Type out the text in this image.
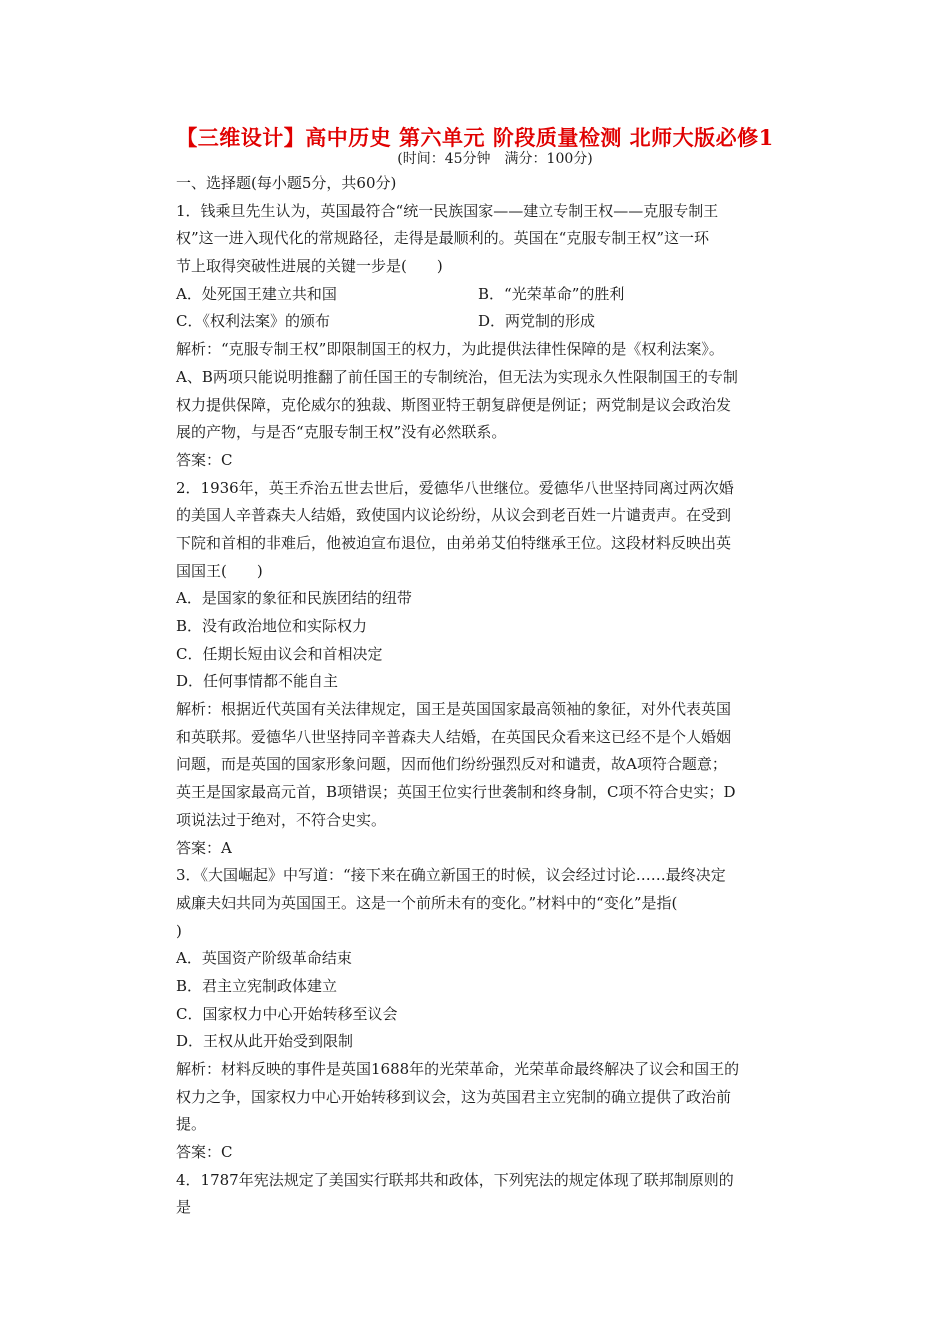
【三维设计】高中历史 第六单元 阶段质量检测 北师大版必修1
(时间：45分钟　满分：100分)
一、选择题(每小题5分，共60分)
1．钱乘旦先生认为，英国最符合“统一民族国家——建立专制王权——克服专制王
权”这一进入现代化的常规路径，走得是最顺利的。英国在“克服专制王权”这一环
节上取得突破性进展的关键一步是(　　)
A．处死国王建立共和国	B．“光荣革命”的胜利
C．《权利法案》的颁布	D．两党制的形成
解析：“克服专制王权”即限制国王的权力，为此提供法律性保障的是《权利法案》。
A、B两项只能说明推翻了前任国王的专制统治，但无法为实现永久性限制国王的专制
权力提供保障，克伦威尔的独裁、斯图亚特王朝复辟便是例证；两党制是议会政治发
展的产物，与是否“克服专制王权”没有必然联系。
答案：C
2．1936年，英王乔治五世去世后，爱德华八世继位。爱德华八世坚持同离过两次婚
的美国人辛普森夫人结婚，致使国内议论纷纷，从议会到老百姓一片谴责声。在受到
下院和首相的非难后，他被迫宣布退位，由弟弟艾伯特继承王位。这段材料反映出英
国国王(　　)
A．是国家的象征和民族团结的纽带
B．没有政治地位和实际权力
C．任期长短由议会和首相决定
D．任何事情都不能自主
解析：根据近代英国有关法律规定，国王是英国国家最高领袖的象征，对外代表英国
和英联邦。爱德华八世坚持同辛普森夫人结婚，在英国民众看来这已经不是个人婚姻
问题，而是英国的国家形象问题，因而他们纷纷强烈反对和谴责，故A项符合题意；
英王是国家最高元首，B项错误；英国王位实行世袭制和终身制，C项不符合史实；D
项说法过于绝对，不符合史实。
答案：A
3．《大国崛起》中写道：“接下来在确立新国王的时候，议会经过讨论……最终决定
威廉夫妇共同为英国国王。这是一个前所未有的变化。”材料中的“变化”是指(
)
A．英国资产阶级革命结束
B．君主立宪制政体建立
C．国家权力中心开始转移至议会
D．王权从此开始受到限制
解析：材料反映的事件是英国1688年的光荣革命，光荣革命最终解决了议会和国王的
权力之争，国家权力中心开始转移到议会，这为英国君主立宪制的确立提供了政治前
提。
答案：C
4．1787年宪法规定了美国实行联邦共和政体，下列宪法的规定体现了联邦制原则的
是
